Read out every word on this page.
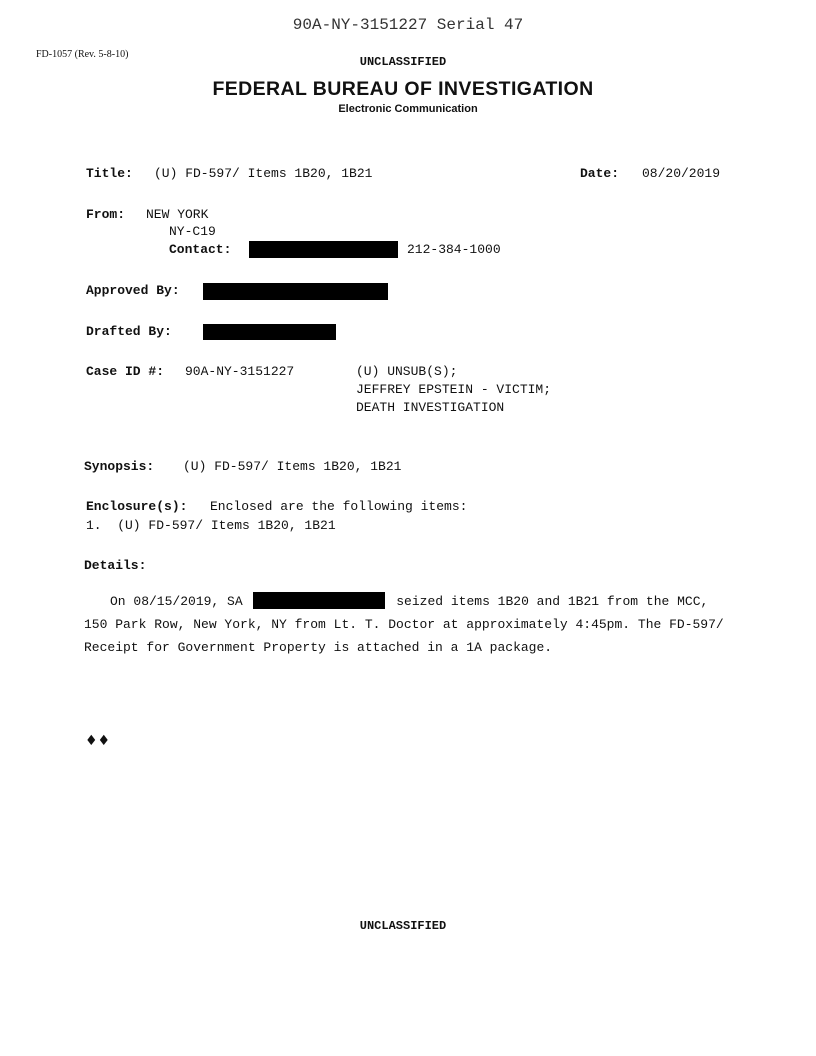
90A-NY-3151227 Serial 47
FD-1057 (Rev. 5-8-10)
UNCLASSIFIED
FEDERAL BUREAU OF INVESTIGATION
Electronic Communication
Title: (U) FD-597/ Items 1B20, 1B21	Date: 08/20/2019
From: NEW YORK
NY-C19
Contact:	212-384-1000
Approved By:
Drafted By:
Case ID #: 90A-NY-3151227	(U) UNSUB(S);
JEFFREY EPSTEIN - VICTIM;
DEATH INVESTIGATION
Synopsis: (U) FD-597/ Items 1B20, 1B21
Enclosure(s): Enclosed are the following items:
1.  (U) FD-597/ Items 1B20, 1B21
Details:
On 08/15/2019, SA	seized items 1B20 and 1B21 from the MCC, 150 Park Row, New York, NY from Lt. T. Doctor at approximately 4:45pm. The FD-597/ Receipt for Government Property is attached in a 1A package.
♦♦
UNCLASSIFIED
